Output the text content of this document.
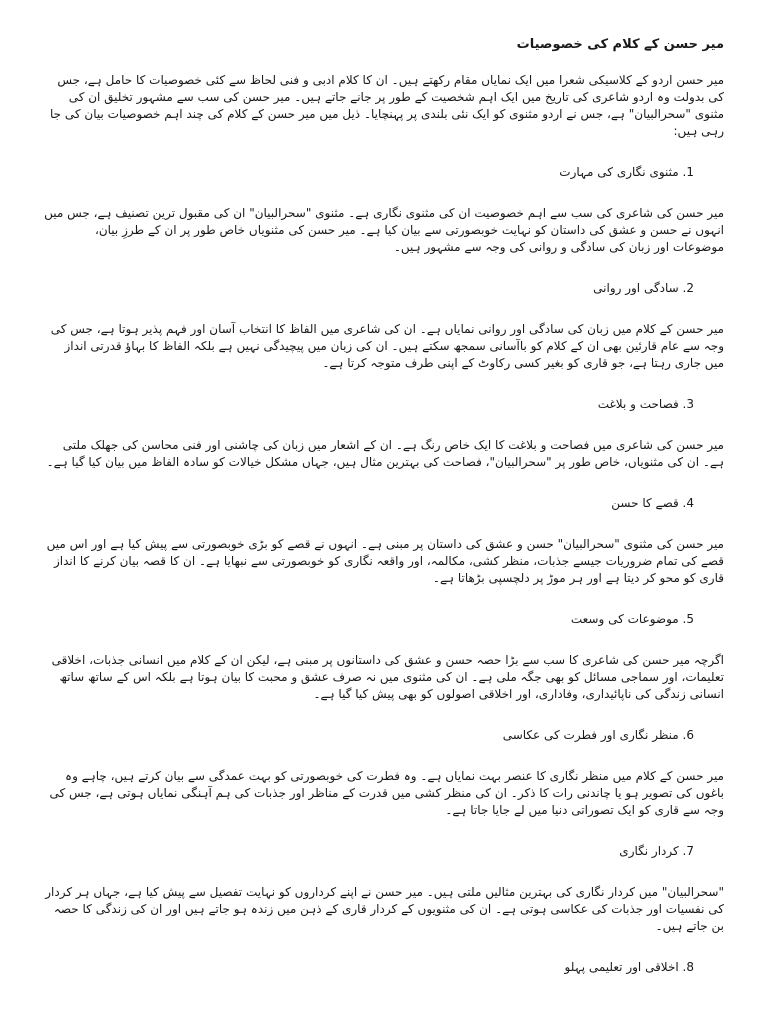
میر حسن کے کلام کی خصوصیات

میر حسن اردو کے کلاسیکی شعرا میں ایک نمایاں مقام رکھتے ہیں۔ ان کا کلام ادبی و فنی لحاظ سے کئی خصوصیات کا حامل ہے، جس کی بدولت وہ اردو شاعری کی تاریخ میں ایک اہم شخصیت کے طور پر جانے جاتے ہیں۔ میر حسن کی سب سے مشہور تخلیق ان کی مثنوی "سحرالبیان" ہے، جس نے اردو مثنوی کو ایک نئی بلندی پر پہنچایا۔ ذیل میں میر حسن کے کلام کی چند اہم خصوصیات بیان کی جا رہی ہیں:

1. مثنوی نگاری کی مہارت

میر حسن کی شاعری کی سب سے اہم خصوصیت ان کی مثنوی نگاری ہے۔ مثنوی "سحرالبیان" ان کی مقبول ترین تصنیف ہے، جس میں انہوں نے حسن و عشق کی داستان کو نہایت خوبصورتی سے بیان کیا ہے۔ میر حسن کی مثنویاں خاص طور پر ان کے طرزِ بیان، موضوعات اور زبان کی سادگی و روانی کی وجہ سے مشہور ہیں۔

2. سادگی اور روانی

میر حسن کے کلام میں زبان کی سادگی اور روانی نمایاں ہے۔ ان کی شاعری میں الفاظ کا انتخاب آسان اور فہم پذیر ہوتا ہے، جس کی وجہ سے عام قارئین بھی ان کے کلام کو باآسانی سمجھ سکتے ہیں۔ ان کی زبان میں پیچیدگی نہیں ہے بلکہ الفاظ کا بہاؤ قدرتی انداز میں جاری رہتا ہے، جو قاری کو بغیر کسی رکاوٹ کے اپنی طرف متوجہ کرتا ہے۔

3. فصاحت و بلاغت

میر حسن کی شاعری میں فصاحت و بلاغت کا ایک خاص رنگ ہے۔ ان کے اشعار میں زبان کی چاشنی اور فنی محاسن کی جھلک ملتی ہے۔ ان کی مثنویاں، خاص طور پر "سحرالبیان"، فصاحت کی بہترین مثال ہیں، جہاں مشکل خیالات کو سادہ الفاظ میں بیان کیا گیا ہے۔

4. قصے کا حسن

میر حسن کی مثنوی "سحرالبیان" حسن و عشق کی داستان پر مبنی ہے۔ انہوں نے قصے کو بڑی خوبصورتی سے پیش کیا ہے اور اس میں قصے کی تمام ضروریات جیسے جذبات، منظر کشی، مکالمہ، اور واقعہ نگاری کو خوبصورتی سے نبھایا ہے۔ ان کا قصہ بیان کرنے کا انداز قاری کو محو کر دیتا ہے اور ہر موڑ پر دلچسپی بڑھاتا ہے۔

5. موضوعات کی وسعت

اگرچہ میر حسن کی شاعری کا سب سے بڑا حصہ حسن و عشق کی داستانوں پر مبنی ہے، لیکن ان کے کلام میں انسانی جذبات، اخلاقی تعلیمات، اور سماجی مسائل کو بھی جگہ ملی ہے۔ ان کی مثنوی میں نہ صرف عشق و محبت کا بیان ہوتا ہے بلکہ اس کے ساتھ ساتھ انسانی زندگی کی ناپائیداری، وفاداری، اور اخلاقی اصولوں کو بھی پیش کیا گیا ہے۔

6. منظر نگاری اور فطرت کی عکاسی

میر حسن کے کلام میں منظر نگاری کا عنصر بہت نمایاں ہے۔ وہ فطرت کی خوبصورتی کو بہت عمدگی سے بیان کرتے ہیں، چاہے وہ باغوں کی تصویر ہو یا چاندنی رات کا ذکر۔ ان کی منظر کشی میں قدرت کے مناظر اور جذبات کی ہم آہنگی نمایاں ہوتی ہے، جس کی وجہ سے قاری کو ایک تصوراتی دنیا میں لے جایا جاتا ہے۔

7. کردار نگاری

"سحرالبیان" میں کردار نگاری کی بہترین مثالیں ملتی ہیں۔ میر حسن نے اپنے کرداروں کو نہایت تفصیل سے پیش کیا ہے، جہاں ہر کردار کی نفسیات اور جذبات کی عکاسی ہوتی ہے۔ ان کی مثنویوں کے کردار قاری کے ذہن میں زندہ ہو جاتے ہیں اور ان کی زندگی کا حصہ بن جاتے ہیں۔

8. اخلاقی اور تعلیمی پہلو
